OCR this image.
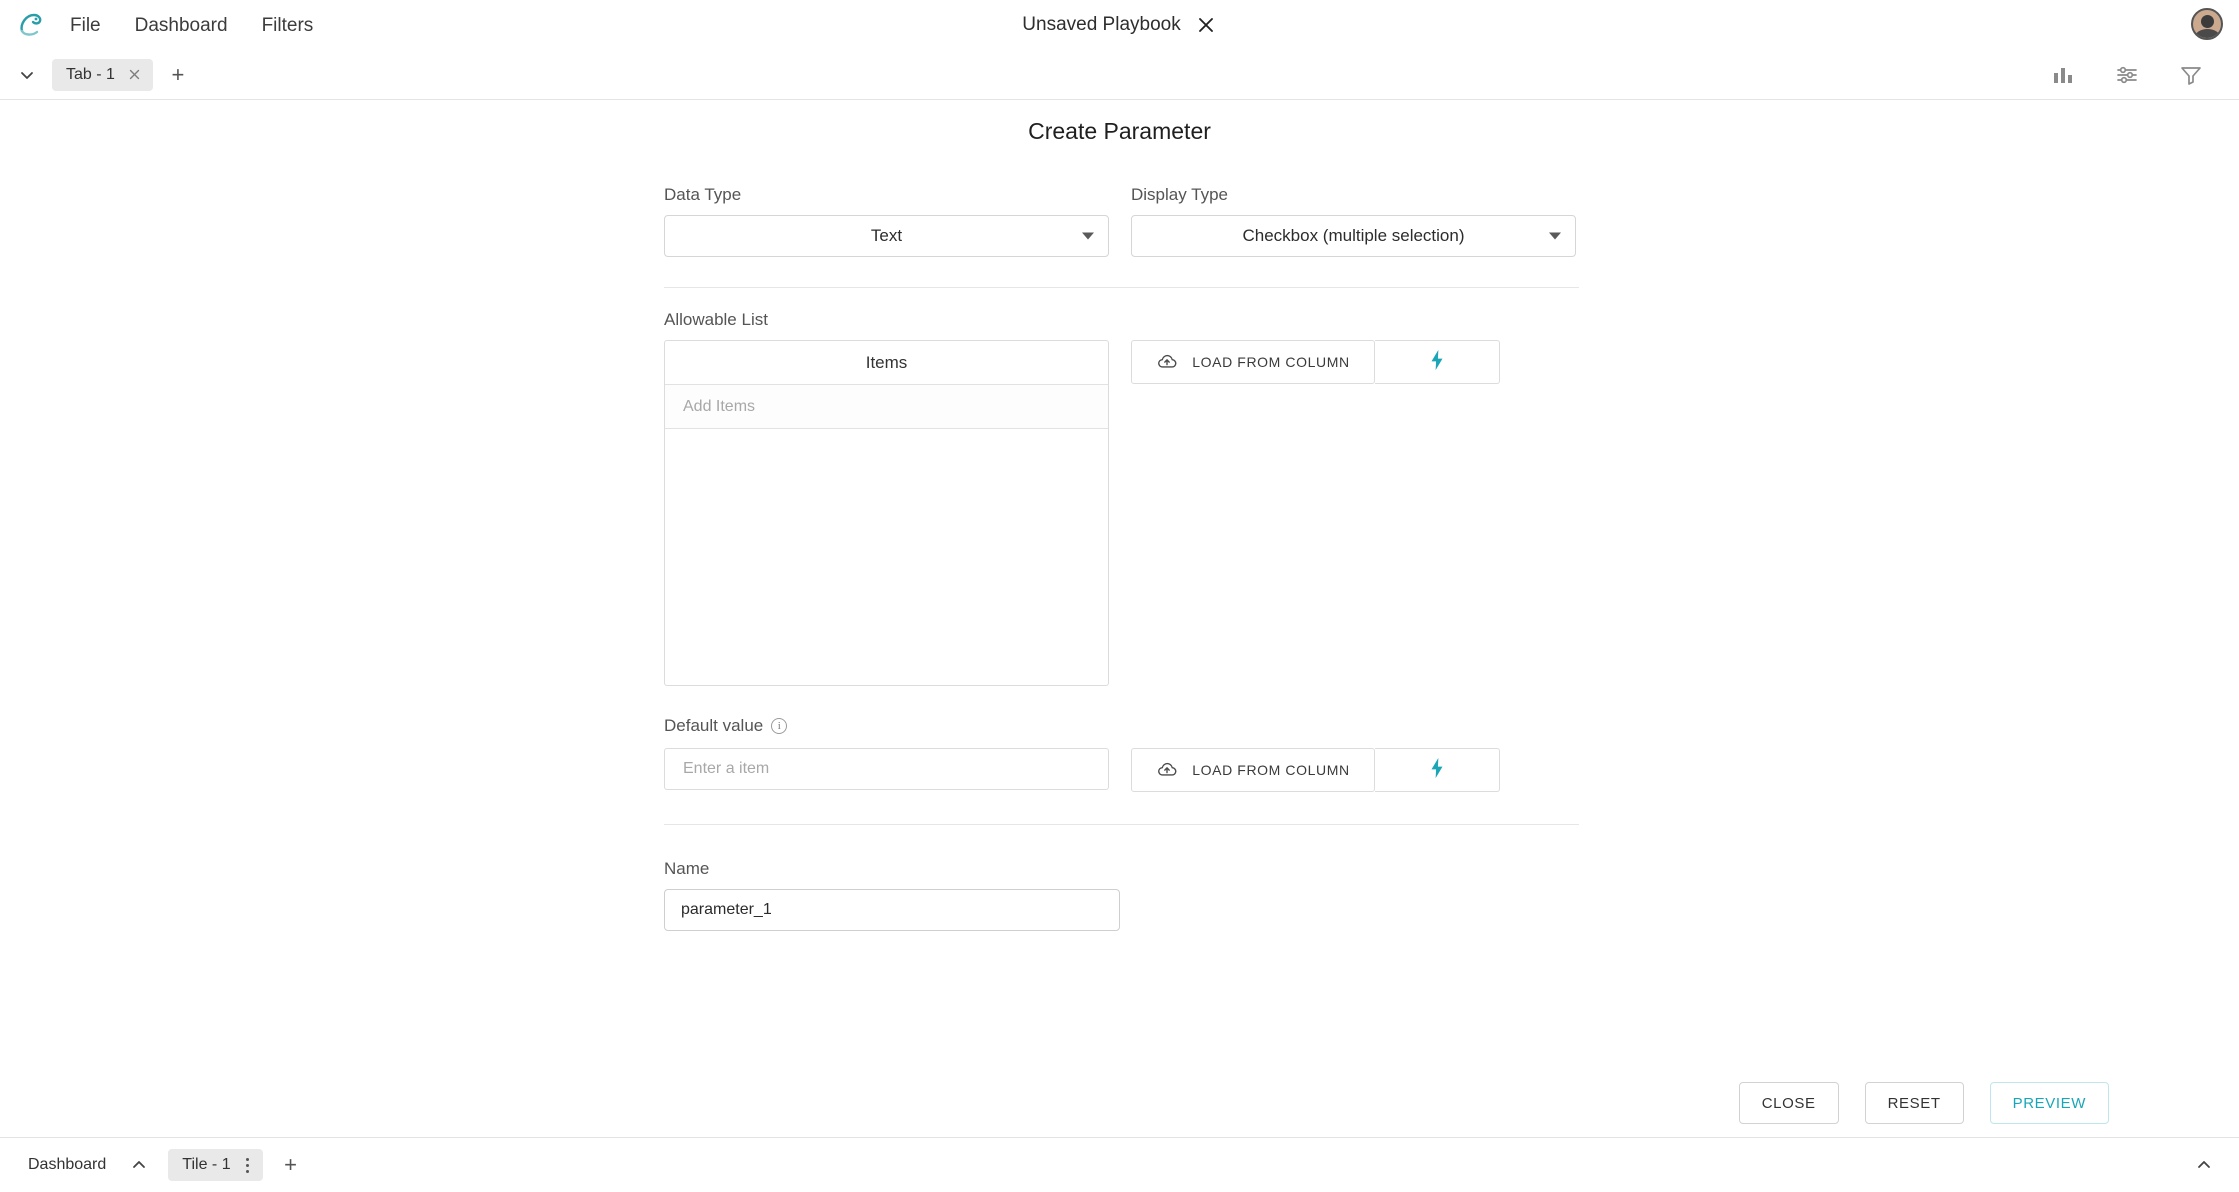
File Dashboard Filters	Unsaved Playbook
Tab - 1	+
Create Parameter
Data Type
Text
Display Type
Checkbox (multiple selection)
Allowable List
Items
Add Items	LOAD FROM COLUMN
Default value	i
Enter a item
LOAD FROM COLUMN
Name
parameter_1
CLOSE	RESET	PREVIEW
Dashboard	Tile - 1	+
